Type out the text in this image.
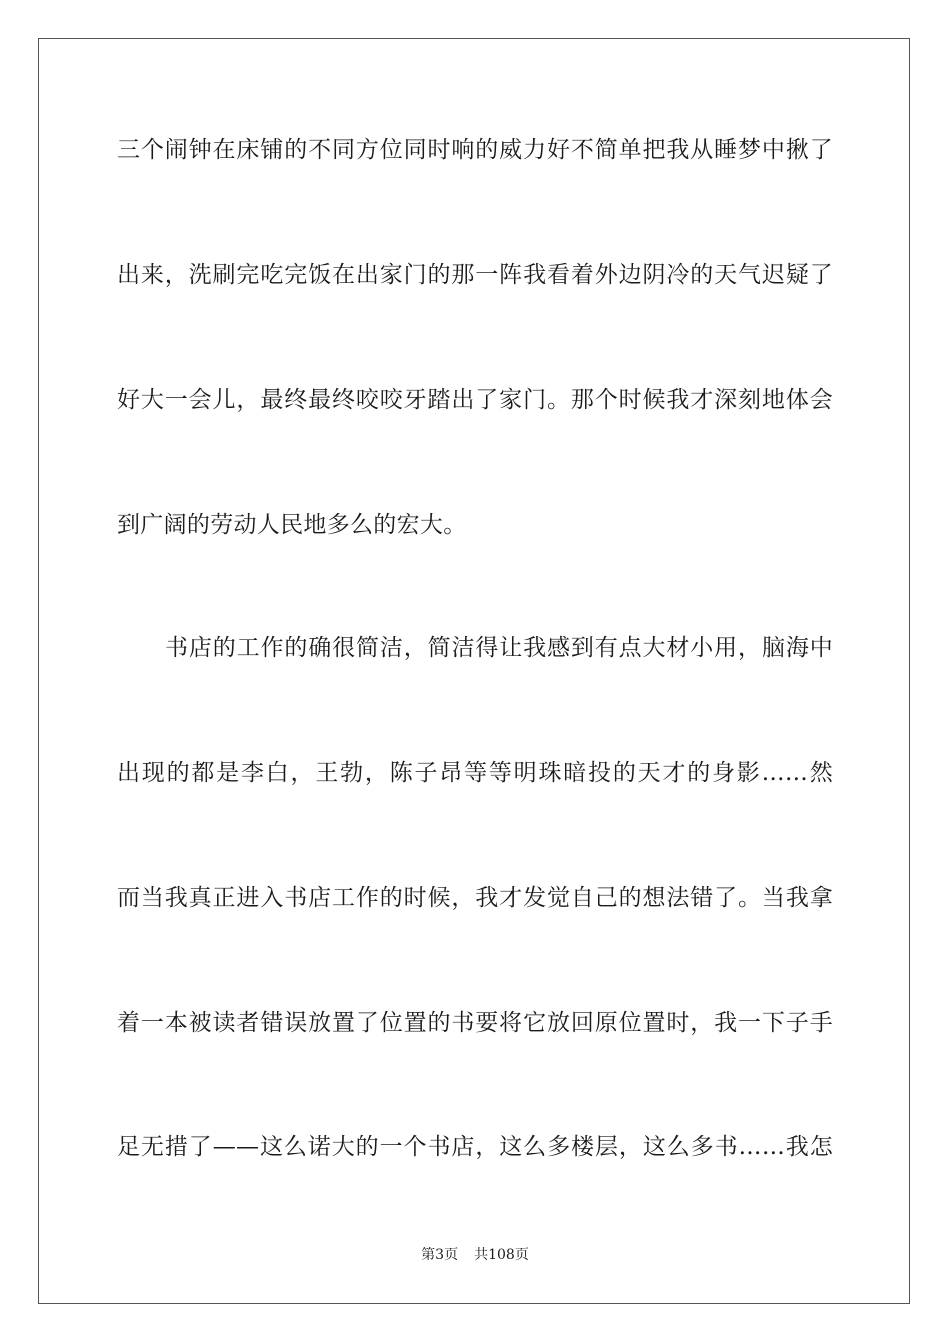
三个闹钟在床铺的不同方位同时响的威力好不简单把我从睡梦中揪了
出来，洗刷完吃完饭在出家门的那一阵我看着外边阴冷的天气迟疑了
好大一会儿，最终最终咬咬牙踏出了家门。那个时候我才深刻地体会
到广阔的劳动人民地多么的宏大。
书店的工作的确很简洁，简洁得让我感到有点大材小用，脑海中
出现的都是李白，王勃，陈子昂等等明珠暗投的天才的身影……然
而当我真正进入书店工作的时候，我才发觉自己的想法错了。当我拿
着一本被读者错误放置了位置的书要将它放回原位置时，我一下子手
足无措了——这么诺大的一个书店，这么多楼层，这么多书……我怎
第3页 共108页
